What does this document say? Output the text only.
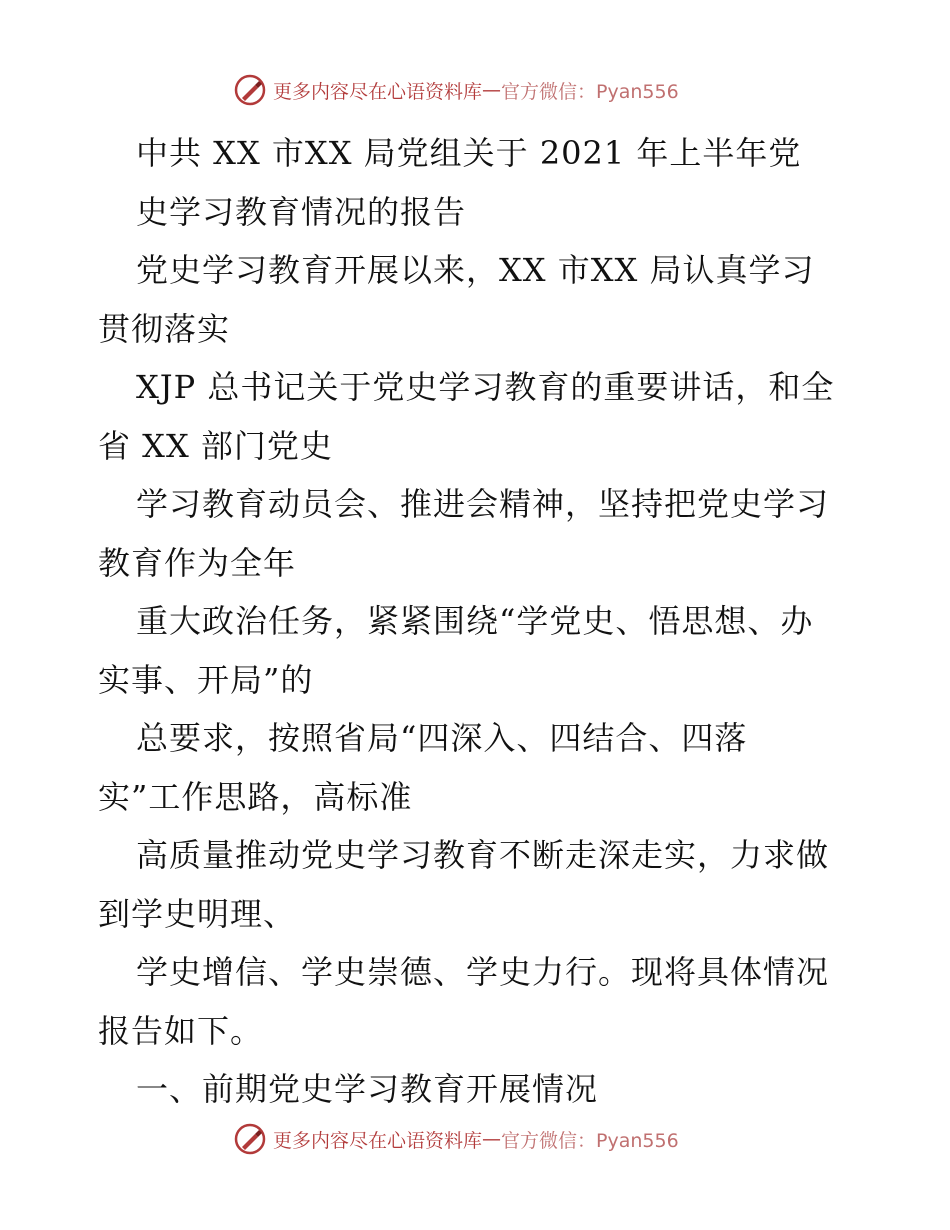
更多内容尽在心语资料库 — 官方微信：Pyan556

中共 XX 市XX 局党组关于 2021 年上半年党

史学习教育情况的报告

党史学习教育开展以来，XX 市XX 局认真学习

贯彻落实

XJP 总书记关于党史学习教育的重要讲话，和全

省 XX 部门党史

学习教育动员会、推进会精神，坚持把党史学习

教育作为全年

重大政治任务，紧紧围绕“学党史、悟思想、办

实事、开局”的

总要求，按照省局“四深入、四结合、四落

实”工作思路，高标准

高质量推动党史学习教育不断走深走实，力求做

到学史明理、

学史增信、学史崇德、学史力行。现将具体情况

报告如下。

一、前期党史学习教育开展情况

更多内容尽在心语资料库 — 官方微信：Pyan556
